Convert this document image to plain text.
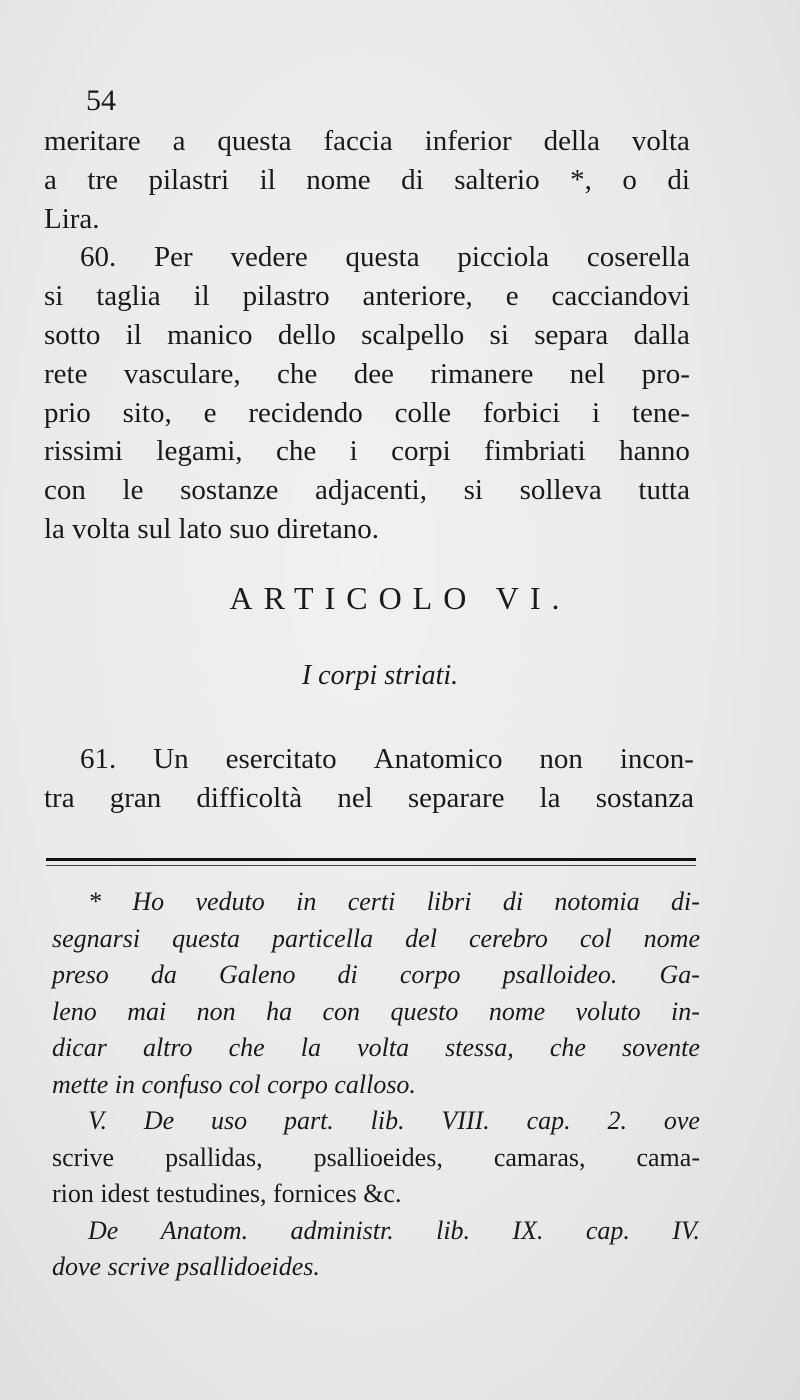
54
meritare a questa faccia inferior della volta
a tre pilastri il nome di salterio *, o di
Lira.
60. Per vedere questa picciola coserella
si taglia il pilastro anteriore, e cacciandovi
sotto il manico dello scalpello si separa dalla
rete vasculare, che dee rimanere nel pro-
prio sito, e recidendo colle forbici i tene-
rissimi legami, che i corpi fimbriati hanno
con le sostanze adjacenti, si solleva tutta
la volta sul lato suo diretano.
ARTICOLO VI.
I corpi striati.
61. Un esercitato Anatomico non incon-
tra gran difficoltà nel separare la sostanza
* Ho veduto in certi libri di notomia di-
segnarsi questa particella del cerebro col nome
preso da Galeno di corpo psalloideo. Ga-
leno mai non ha con questo nome voluto in-
dicar altro che la volta stessa, che sovente
mette in confuso col corpo calloso.
V. De uso part. lib. VIII. cap. 2. ove
scrive psallidas, psallioeides, camaras, cama-
rion idest testudines, fornices &c.
De Anatom. administr. lib. IX. cap. IV.
dove scrive psallidoeides.
